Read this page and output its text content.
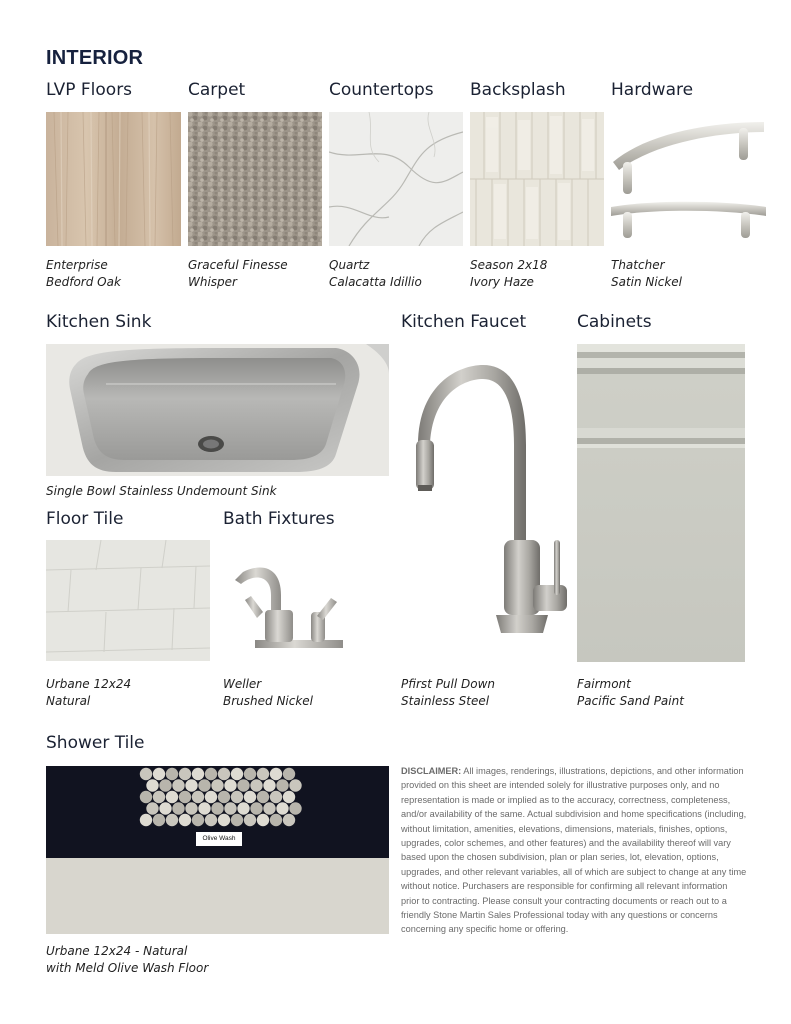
INTERIOR
LVP Floors	Carpet	Countertops Backsplash	Hardware
Enterprise
Bedford Oak
Graceful Finesse
Whisper
Quartz
Calacatta Idillio
Season 2x18
Ivory Haze
Thatcher
Satin Nickel
Kitchen Sink	Kitchen Faucet	Cabinets
Single Bowl Stainless Undemount Sink
Pfirst Pull Down
Stainless Steel
Fairmont
Pacific Sand Paint
Floor Tile
Urbane 12x24
Natural
Bath Fixtures
Weller
Brushed Nickel
Shower Tile
Olive Wash
Urbane 12x24 - Natural
with Meld Olive Wash Floor
DISCLAIMER: All images, renderings, illustrations, depictions, and other information provided on this sheet are intended solely for illustrative purposes only, and no representation is made or implied as to the accuracy, correctness, completeness, and/or availability of the same. Actual subdivision and home specifications (including, without limitation, amenities, elevations, dimensions, materials, finishes, options, upgrades, color schemes, and other features) and the availability thereof will vary based upon the chosen subdivision, plan or plan series, lot, elevation, options, upgrades, and other relevant variables, all of which are subject to change at any time without notice. Purchasers are responsible for confirming all relevant information prior to contracting. Please consult your contracting documents or reach out to a friendly Stone Martin Sales Professional today with any questions or concerns concerning any specific home or offering.
